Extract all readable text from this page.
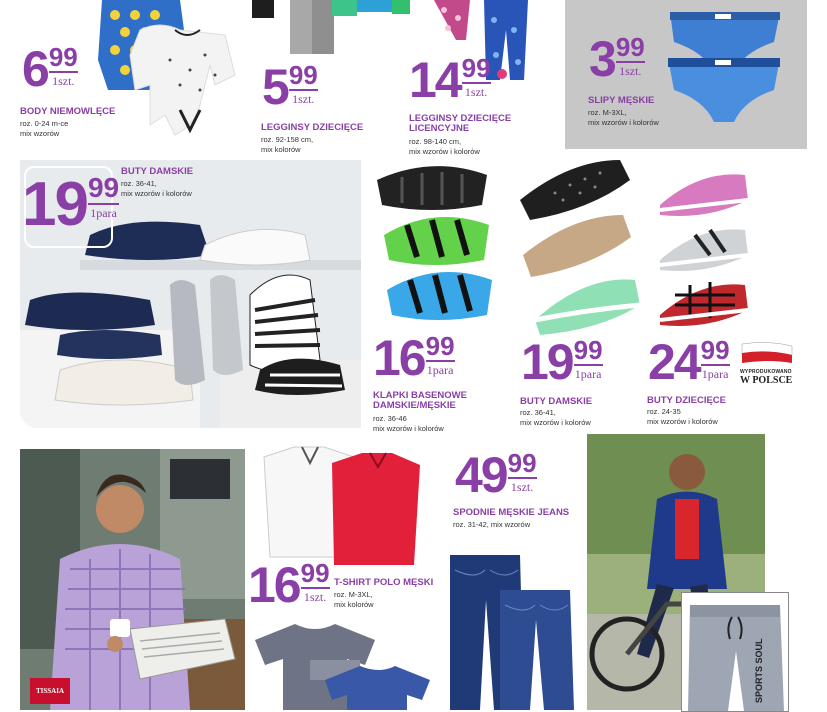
6 99
1szt.
BODY NIEMOWLĘCE
roz. 0-24 m-ce
mix wzorów
5 99
1szt.
LEGGINSY DZIECIĘCE
roz. 92-158 cm,
mix kolorów
14 99
1szt.
LEGGINSY DZIECIĘCE
LICENCYJNE
roz. 98-140 cm,
mix wzorów i kolorów
3 99
1szt.
SLIPY MĘSKIE
roz. M-3XL,
mix wzorów i kolorów
19 99
1para
BUTY DAMSKIE
roz. 36-41,
mix wzorów i kolorów
16 99
1para
KLAPKI BASENOWE
DAMSKIE/MĘSKIE
roz. 36-46
mix wzorów i kolorów
19 99
1para
BUTY DAMSKIE
roz. 36-41,
mix wzorów i kolorów
24 99
1para
BUTY DZIECIĘCE
roz. 24-35
mix wzorów i kolorów
WYPRODUKOWANO
W POLSCE
TISSAIA
16 99
1szt.
T-SHIRT POLO MĘSKI
roz. M-3XL,
mix kolorów
49 99
1szt.
SPODNIE MĘSKIE JEANS
roz. 31-42, mix wzorów
SPORTS SOUL
